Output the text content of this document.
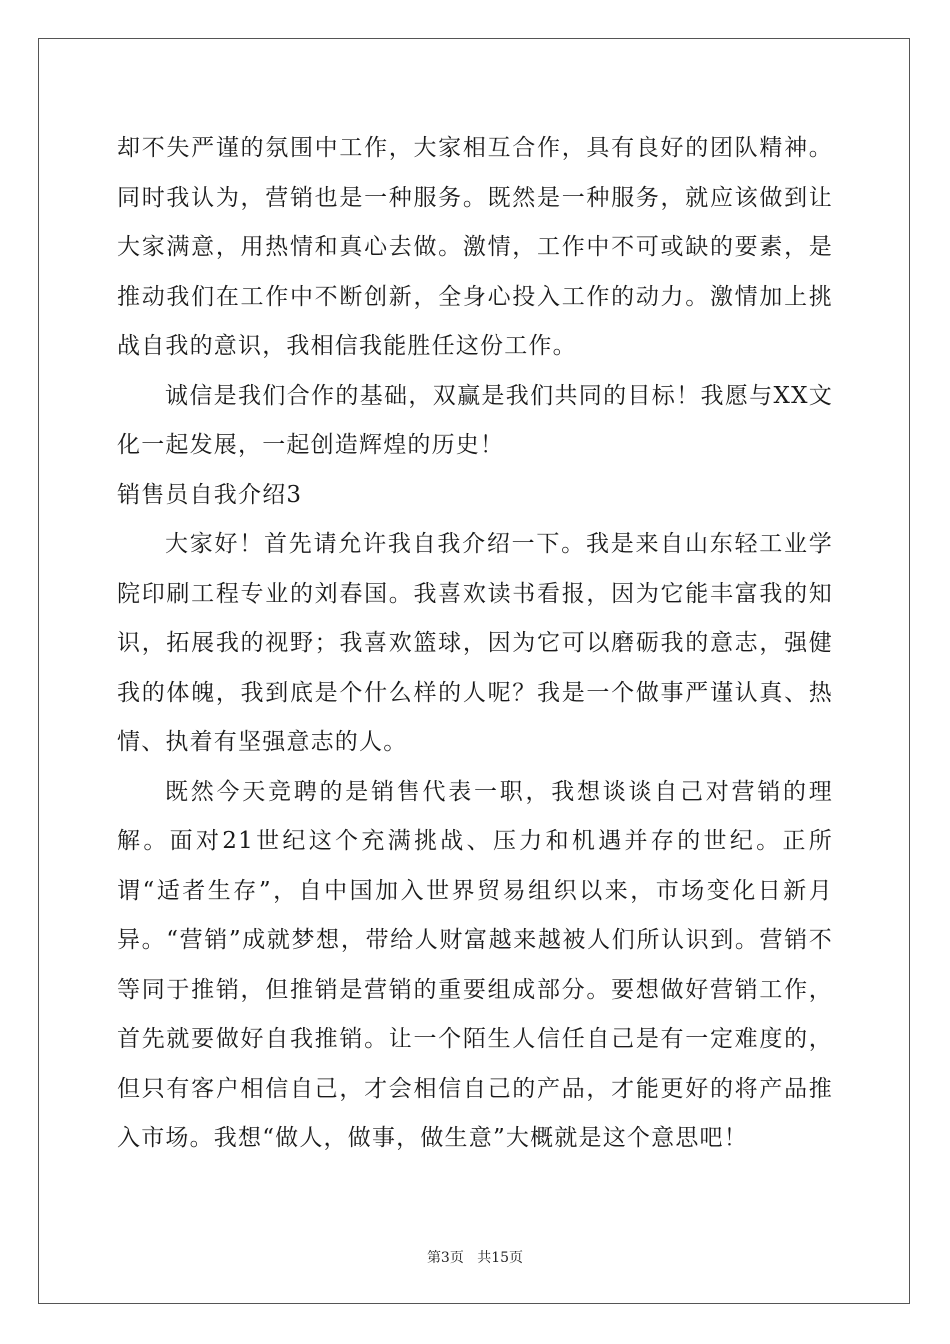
却不失严谨的氛围中工作，大家相互合作，具有良好的团队精神。同时我认为，营销也是一种服务。既然是一种服务，就应该做到让大家满意，用热情和真心去做。激情，工作中不可或缺的要素，是推动我们在工作中不断创新，全身心投入工作的动力。激情加上挑战自我的意识，我相信我能胜任这份工作。

诚信是我们合作的基础，双赢是我们共同的目标！我愿与XX文化一起发展，一起创造辉煌的历史！

销售员自我介绍3

大家好！首先请允许我自我介绍一下。我是来自山东轻工业学院印刷工程专业的刘春国。我喜欢读书看报，因为它能丰富我的知识，拓展我的视野；我喜欢篮球，因为它可以磨砺我的意志，强健我的体魄，我到底是个什么样的人呢？我是一个做事严谨认真、热情、执着有坚强意志的人。

既然今天竞聘的是销售代表一职，我想谈谈自己对营销的理解。面对21世纪这个充满挑战、压力和机遇并存的世纪。正所谓“适者生存”，自中国加入世界贸易组织以来，市场变化日新月异。“营销”成就梦想，带给人财富越来越被人们所认识到。营销不等同于推销，但推销是营销的重要组成部分。要想做好营销工作，首先就要做好自我推销。让一个陌生人信任自己是有一定难度的，但只有客户相信自己，才会相信自己的产品，才能更好的将产品推入市场。我想“做人，做事，做生意”大概就是这个意思吧！

第3页 共15页
